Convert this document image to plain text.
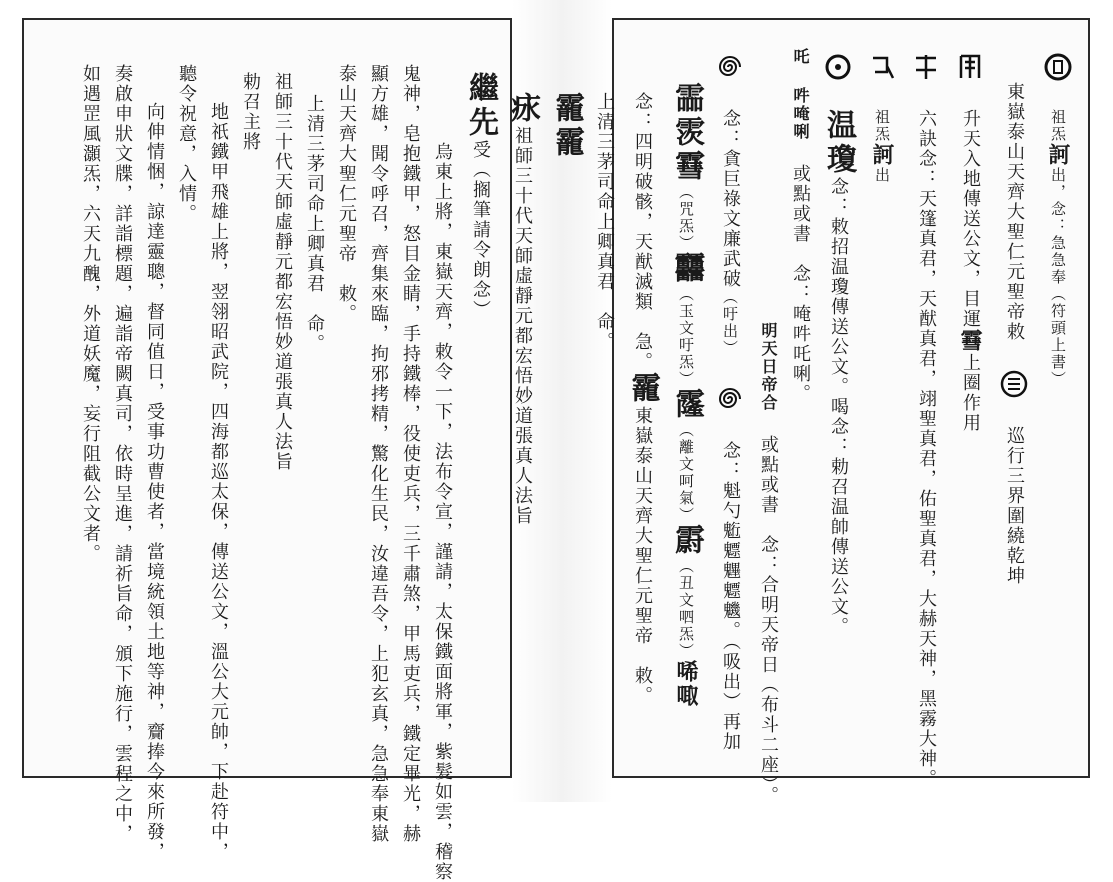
繼先受（搁筆請令朗念）
烏東上將，東嶽天齊，敕令一下，法布令宣，謹請，太保鐵面將軍，紫髮如雲，稽察
鬼神，皂抱鐵甲，怒目金睛，手持鐵棒，役使吏兵，三千肅煞，甲馬吏兵，鐵定畢光，赫
顯方雄，聞令呼召，齊集來臨，拘邪拷精，驚化生民，汝違吾令，上犯玄真，急急奉東嶽
泰山天齊大聖仁元聖帝　敕。
上清三茅司命上卿真君　命。
祖師三十代天師虛靜元都宏悟妙道張真人法旨
勅召主將
地祇鐵甲飛雄上將，翌翎昭武院，四海都巡太保，傳送公文，溫公大元帥，下赴符中，
聽令祝意，入情。
向伸情悃，諒達靈聰，督同值日，受事功曹使者，當境統領土地等神，齎捧今來所發，
奏啟申狀文牒，詳詣標題，遍詣帝闕真司，依時呈進，請祈旨命，頒下施行，雲程之中，
如遇罡風灝炁，六天九醜，外道妖魔，妄行阻截公文者。	祖炁訶出，念：急急奉（符頭上書）
東嶽泰山天齊大聖仁元聖帝敕  巡行三界圍繞乾坤
升天入地傳送公文，目運䨮上圈作用
六訣念：天篷真君，天猷真君，翊聖真君，佑聖真君，大赫天神，黑霧大神。
祖炁訶出
温瓊念：敕招温瓊傳送公文。喝念：勅召温帥傳送公文。
吒 吽唵唎 或點或書　念：唵吽吒唎。
明天日帝合 或點或書　念：合明天帝日（布斗二座）。
念：貪巨祿文廉武破（吁出）  念：魁勺䰢魒魓魒魕。（吸出）再加
霝䨏䨮（咒炁）䨻（玉文吁炁）霳（離文呵氣）霨（丑文呬炁）唏㖩
念：四明破骸，天猷滅類　急。靇東嶽泰山天齊大聖仁元聖帝　敕。
上清三茅司命上卿真君　命。
靇靇
㽷祖師三十代天師虛靜元都宏悟妙道張真人法旨
